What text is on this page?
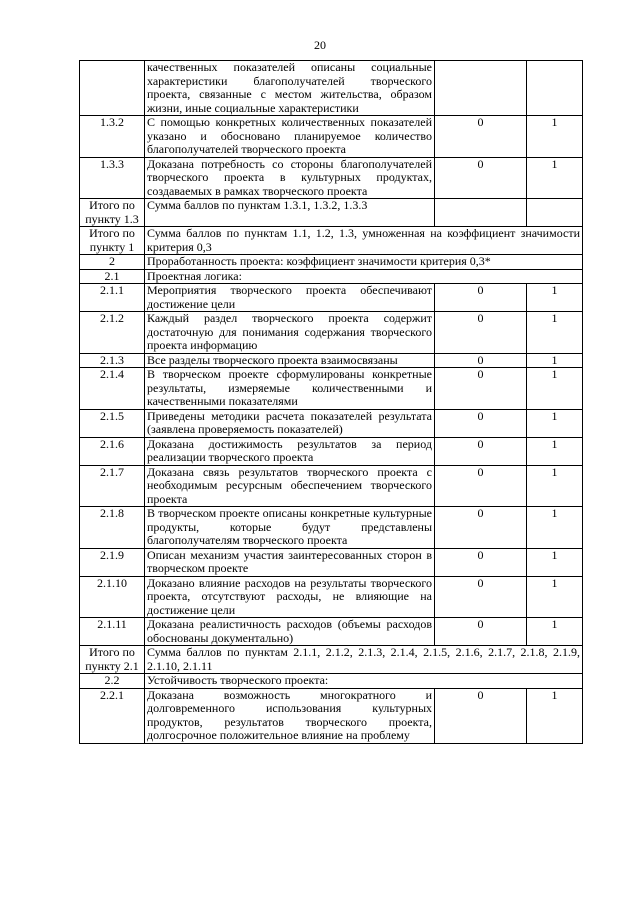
20
	качественных показателей описаны социальные характеристики благополучателей творческого проекта, связанные с местом жительства, образом жизни, иные социальные характеристики		
1.3.2	С помощью конкретных количественных показателей указано и обосновано планируемое количество благополучателей творческого проекта	0	1
1.3.3	Доказана потребность со стороны благополучателей творческого проекта в культурных продуктах, создаваемых в рамках творческого проекта	0	1
Итого по пункту 1.3	Сумма баллов по пунктам 1.3.1, 1.3.2, 1.3.3		
Итого по пункту 1	Сумма баллов по пунктам 1.1, 1.2, 1.3, умноженная на коэффициент значимости критерия 0,3		
2	Проработанность проекта: коэффициент значимости критерия 0,3*		
2.1	Проектная логика:		
2.1.1	Мероприятия творческого проекта обеспечивают достижение цели	0	1
2.1.2	Каждый раздел творческого проекта содержит достаточную для понимания содержания творческого проекта информацию	0	1
2.1.3	Все разделы творческого проекта взаимосвязаны	0	1
2.1.4	В творческом проекте сформулированы конкретные результаты, измеряемые количественными и качественными показателями	0	1
2.1.5	Приведены методики расчета показателей результата (заявлена проверяемость показателей)	0	1
2.1.6	Доказана достижимость результатов за период реализации творческого проекта	0	1
2.1.7	Доказана связь результатов творческого проекта с необходимым ресурсным обеспечением творческого проекта	0	1
2.1.8	В творческом проекте описаны конкретные культурные продукты, которые будут представлены благополучателям творческого проекта	0	1
2.1.9	Описан механизм участия заинтересованных сторон в творческом проекте	0	1
2.1.10	Доказано влияние расходов на результаты творческого проекта, отсутствуют расходы, не влияющие на достижение цели	0	1
2.1.11	Доказана реалистичность расходов (объемы расходов обоснованы документально)	0	1
Итого по пункту 2.1	Сумма баллов по пунктам 2.1.1, 2.1.2, 2.1.3, 2.1.4, 2.1.5, 2.1.6, 2.1.7, 2.1.8, 2.1.9, 2.1.10, 2.1.11		
2.2	Устойчивость творческого проекта:		
2.2.1	Доказана возможность многократного и долговременного использования культурных продуктов, результатов творческого проекта, долгосрочное положительное влияние на проблему	0	1
